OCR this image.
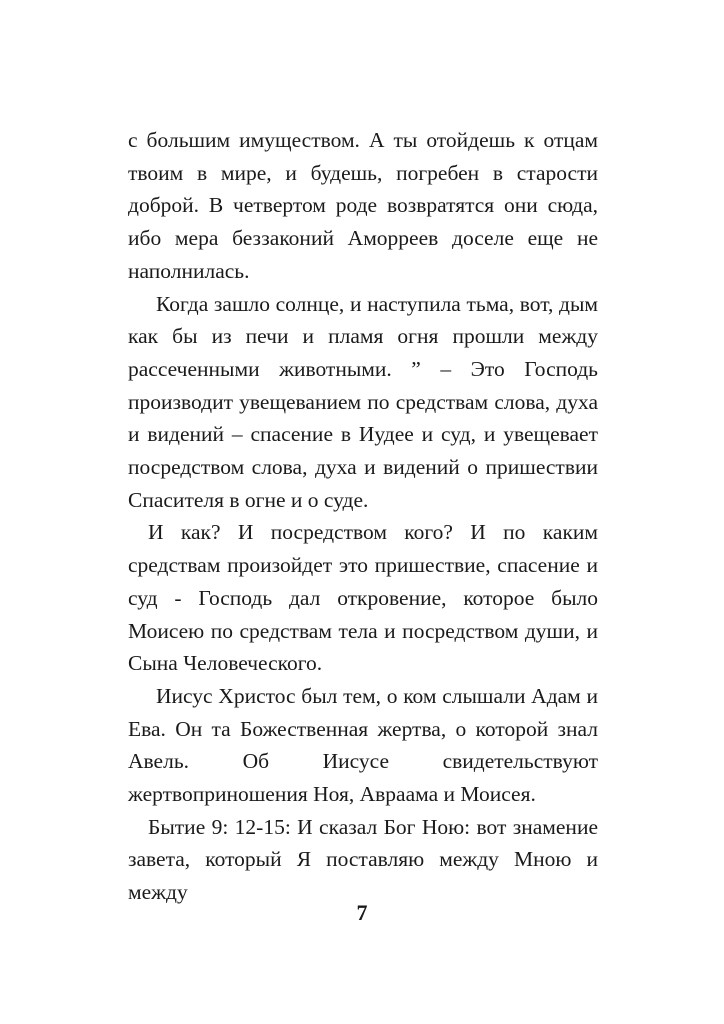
с большим имуществом. А ты отойдешь к отцам твоим в мире, и будешь, погребен в старости доброй. В четвертом роде возвратятся они сюда, ибо мера беззаконий Аморреев доселе еще не наполнилась.

Когда зашло солнце, и наступила тьма, вот, дым как бы из печи и пламя огня прошли между рассеченными животными. ” – Это Господь производит увещеванием по средствам слова, духа и видений – спасение в Иудее и суд, и увещевает посредством слова, духа и видений о пришествии Спасителя в огне и о суде.

И как? И посредством кого? И по каким средствам произойдет это пришествие, спасение и суд - Господь дал откровение, которое было Моисею по средствам тела и посредством души, и Сына Человеческого.

Иисус Христос был тем, о ком слышали Адам и Ева. Он та Божественная жертва, о которой знал Авель. Об Иисусе свидетельствуют жертвоприношения Ноя, Авраама и Моисея.

Бытие 9: 12-15: И сказал Бог Ною: вот знамение завета, который Я поставляю между Мною и между

7
